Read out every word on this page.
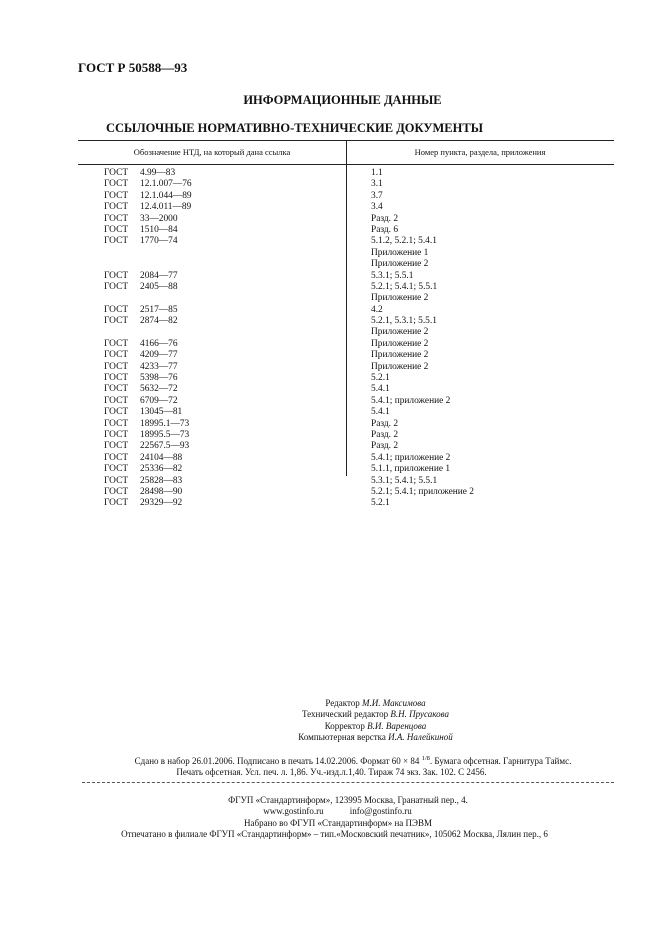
ГОСТ Р 50588—93
ИНФОРМАЦИОННЫЕ ДАННЫЕ
ССЫЛОЧНЫЕ НОРМАТИВНО-ТЕХНИЧЕСКИЕ ДОКУМЕНТЫ
Обозначение НТД, на который дана ссылка	Номер пункта, раздела, приложения
ГОСТ 4.99—83	1.1
ГОСТ 12.1.007—76	3.1
ГОСТ 12.1.044—89	3.7
ГОСТ 12.4.011—89	3.4
ГОСТ 33—2000	Разд. 2
ГОСТ 1510—84	Разд. 6
ГОСТ 1770—74	5.1.2, 5.2.1; 5.4.1
Приложение 1
Приложение 2
ГОСТ 2084—77	5.3.1; 5.5.1
ГОСТ 2405—88	5.2.1; 5.4.1; 5.5.1
Приложение 2
ГОСТ 2517—85	4.2
ГОСТ 2874—82	5.2.1, 5.3.1; 5.5.1
Приложение 2
ГОСТ 4166—76	Приложение 2
ГОСТ 4209—77	Приложение 2
ГОСТ 4233—77	Приложение 2
ГОСТ 5398—76	5.2.1
ГОСТ 5632—72	5.4.1
ГОСТ 6709—72	5.4.1; приложение 2
ГОСТ 13045—81	5.4.1
ГОСТ 18995.1—73	Разд. 2
ГОСТ 18995.5—73	Разд. 2
ГОСТ 22567.5—93	Разд. 2
ГОСТ 24104—88	5.4.1; приложение 2
ГОСТ 25336—82	5.1.1, приложение 1
ГОСТ 25828—83	5.3.1; 5.4.1; 5.5.1
ГОСТ 28498—90	5.2.1; 5.4.1; приложение 2
ГОСТ 29329—92	5.2.1
Редактор М.И. Максимова
Технический редактор В.Н. Прусакова
Корректор В.И. Варенцова
Компьютерная верстка И.А. Налейкиной
Сдано в набор 26.01.2006. Подписано в печать 14.02.2006. Формат 60 × 84 $^{1/8}$. Бумага офсетная. Гарнитура Таймс.
Печать офсетная. Усл. печ. л. 1,86. Уч.-изд.л.1,40. Тираж 74 экз. Зак. 102. С 2456.
ФГУП «Стандартинформ», 123995 Москва, Гранатный пер., 4.
www.gostinfo.ru	info@gostinfo.ru
Набрано во ФГУП «Стандартинформ» на ПЭВМ
Отпечатано в филиале ФГУП «Стандартинформ» – тип.«Московский печатник», 105062 Москва, Лялин пер., 6
